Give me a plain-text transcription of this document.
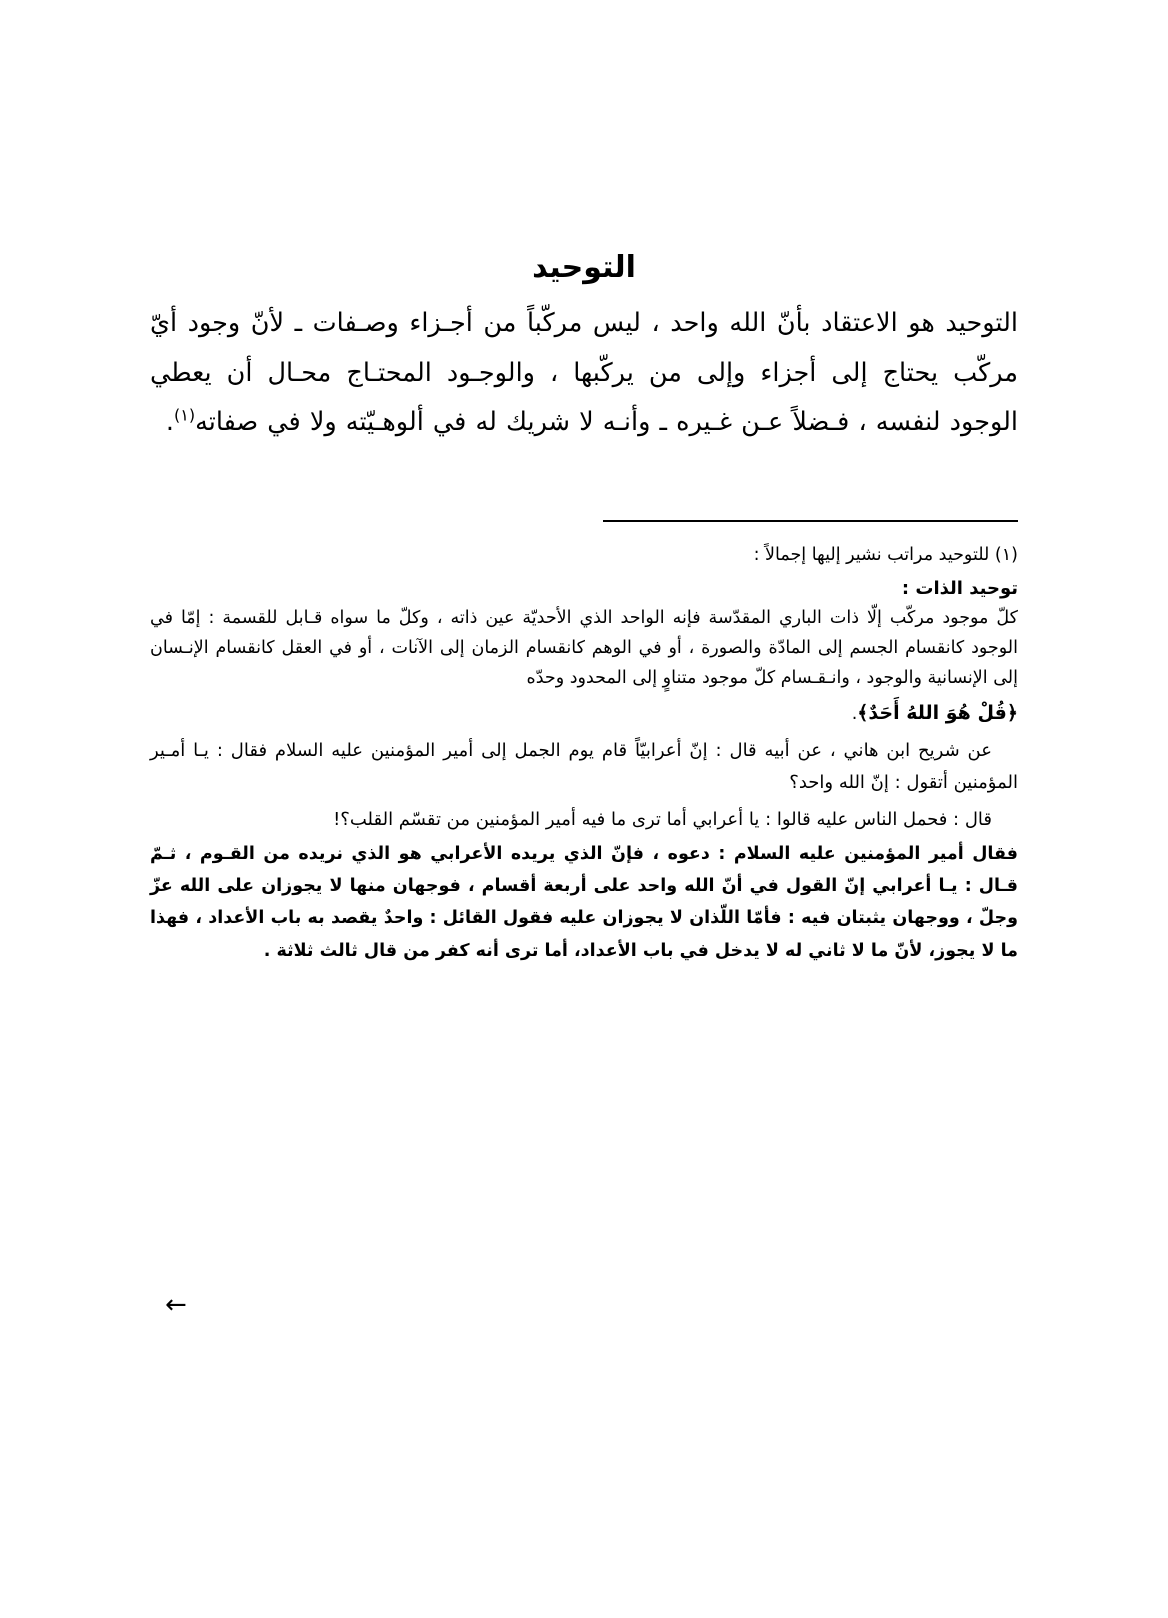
التوحيد

التوحيد هو الاعتقاد بأنّ الله واحد ، ليس مركّباً من أجـزاء وصـفات ـ لأنّ وجود أيّ مركّب يحتاج إلى أجزاء وإلى من يركّبها ، والوجـود المحتـاج محـال أن يعطي الوجود لنفسه ، فـضلاً عـن غـيره ـ وأنـه لا شريك له في ألوهـيّته ولا في صفاته$^{(١)}$.

(١) للتوحيد مراتب نشير إليها إجمالاً :

توحيد الذات :

كلّ موجود مركّب إلّا ذات الباري المقدّسة فإنه الواحد الذي الأحديّة عين ذاته ، وكلّ ما سواه قـابل للقسمة : إمّا في الوجود كانقسام الجسم إلى المادّة والصورة ، أو في الوهم كانقسام الزمان إلى الآنات ، أو في العقل كانقسام الإنـسان إلى الإنسانية والوجود ، وانـقـسام كلّ موجود متناوٍ إلى المحدود وحدّه

﴿قُلْ هُوَ اللهُ أَحَدٌ﴾.

عن شريح ابن هاني ، عن أبيه قال : إنّ أعرابيّاً قام يوم الجمل إلى أمير المؤمنين عليه السلام فقال : يـا أمـير المؤمنين أتقول : إنّ الله واحد؟

قال : فحمل الناس عليه قالوا : يا أعرابي أما ترى ما فيه أمير المؤمنين من تقسّم القلب؟!

فقال أمير المؤمنين عليه السلام : دعوه ، فإنّ الذي يريده الأعرابي هو الذي نريده من القـوم ، ثـمّ قـال : يـا أعرابي إنّ القول في أنّ الله واحد على أربعة أقسام ، فوجهان منها لا يجوزان على الله عزّ وجلّ ، ووجهان يثبتان فيه : فأمّا اللّذان لا يجوزان عليه فقول القائل : واحدٌ يقصد به باب الأعداد ، فهذا ما لا يجوز، لأنّ ما لا ثاني له لا يدخل في باب الأعداد، أما ترى أنه كفر من قال ثالث ثلاثة .

←
